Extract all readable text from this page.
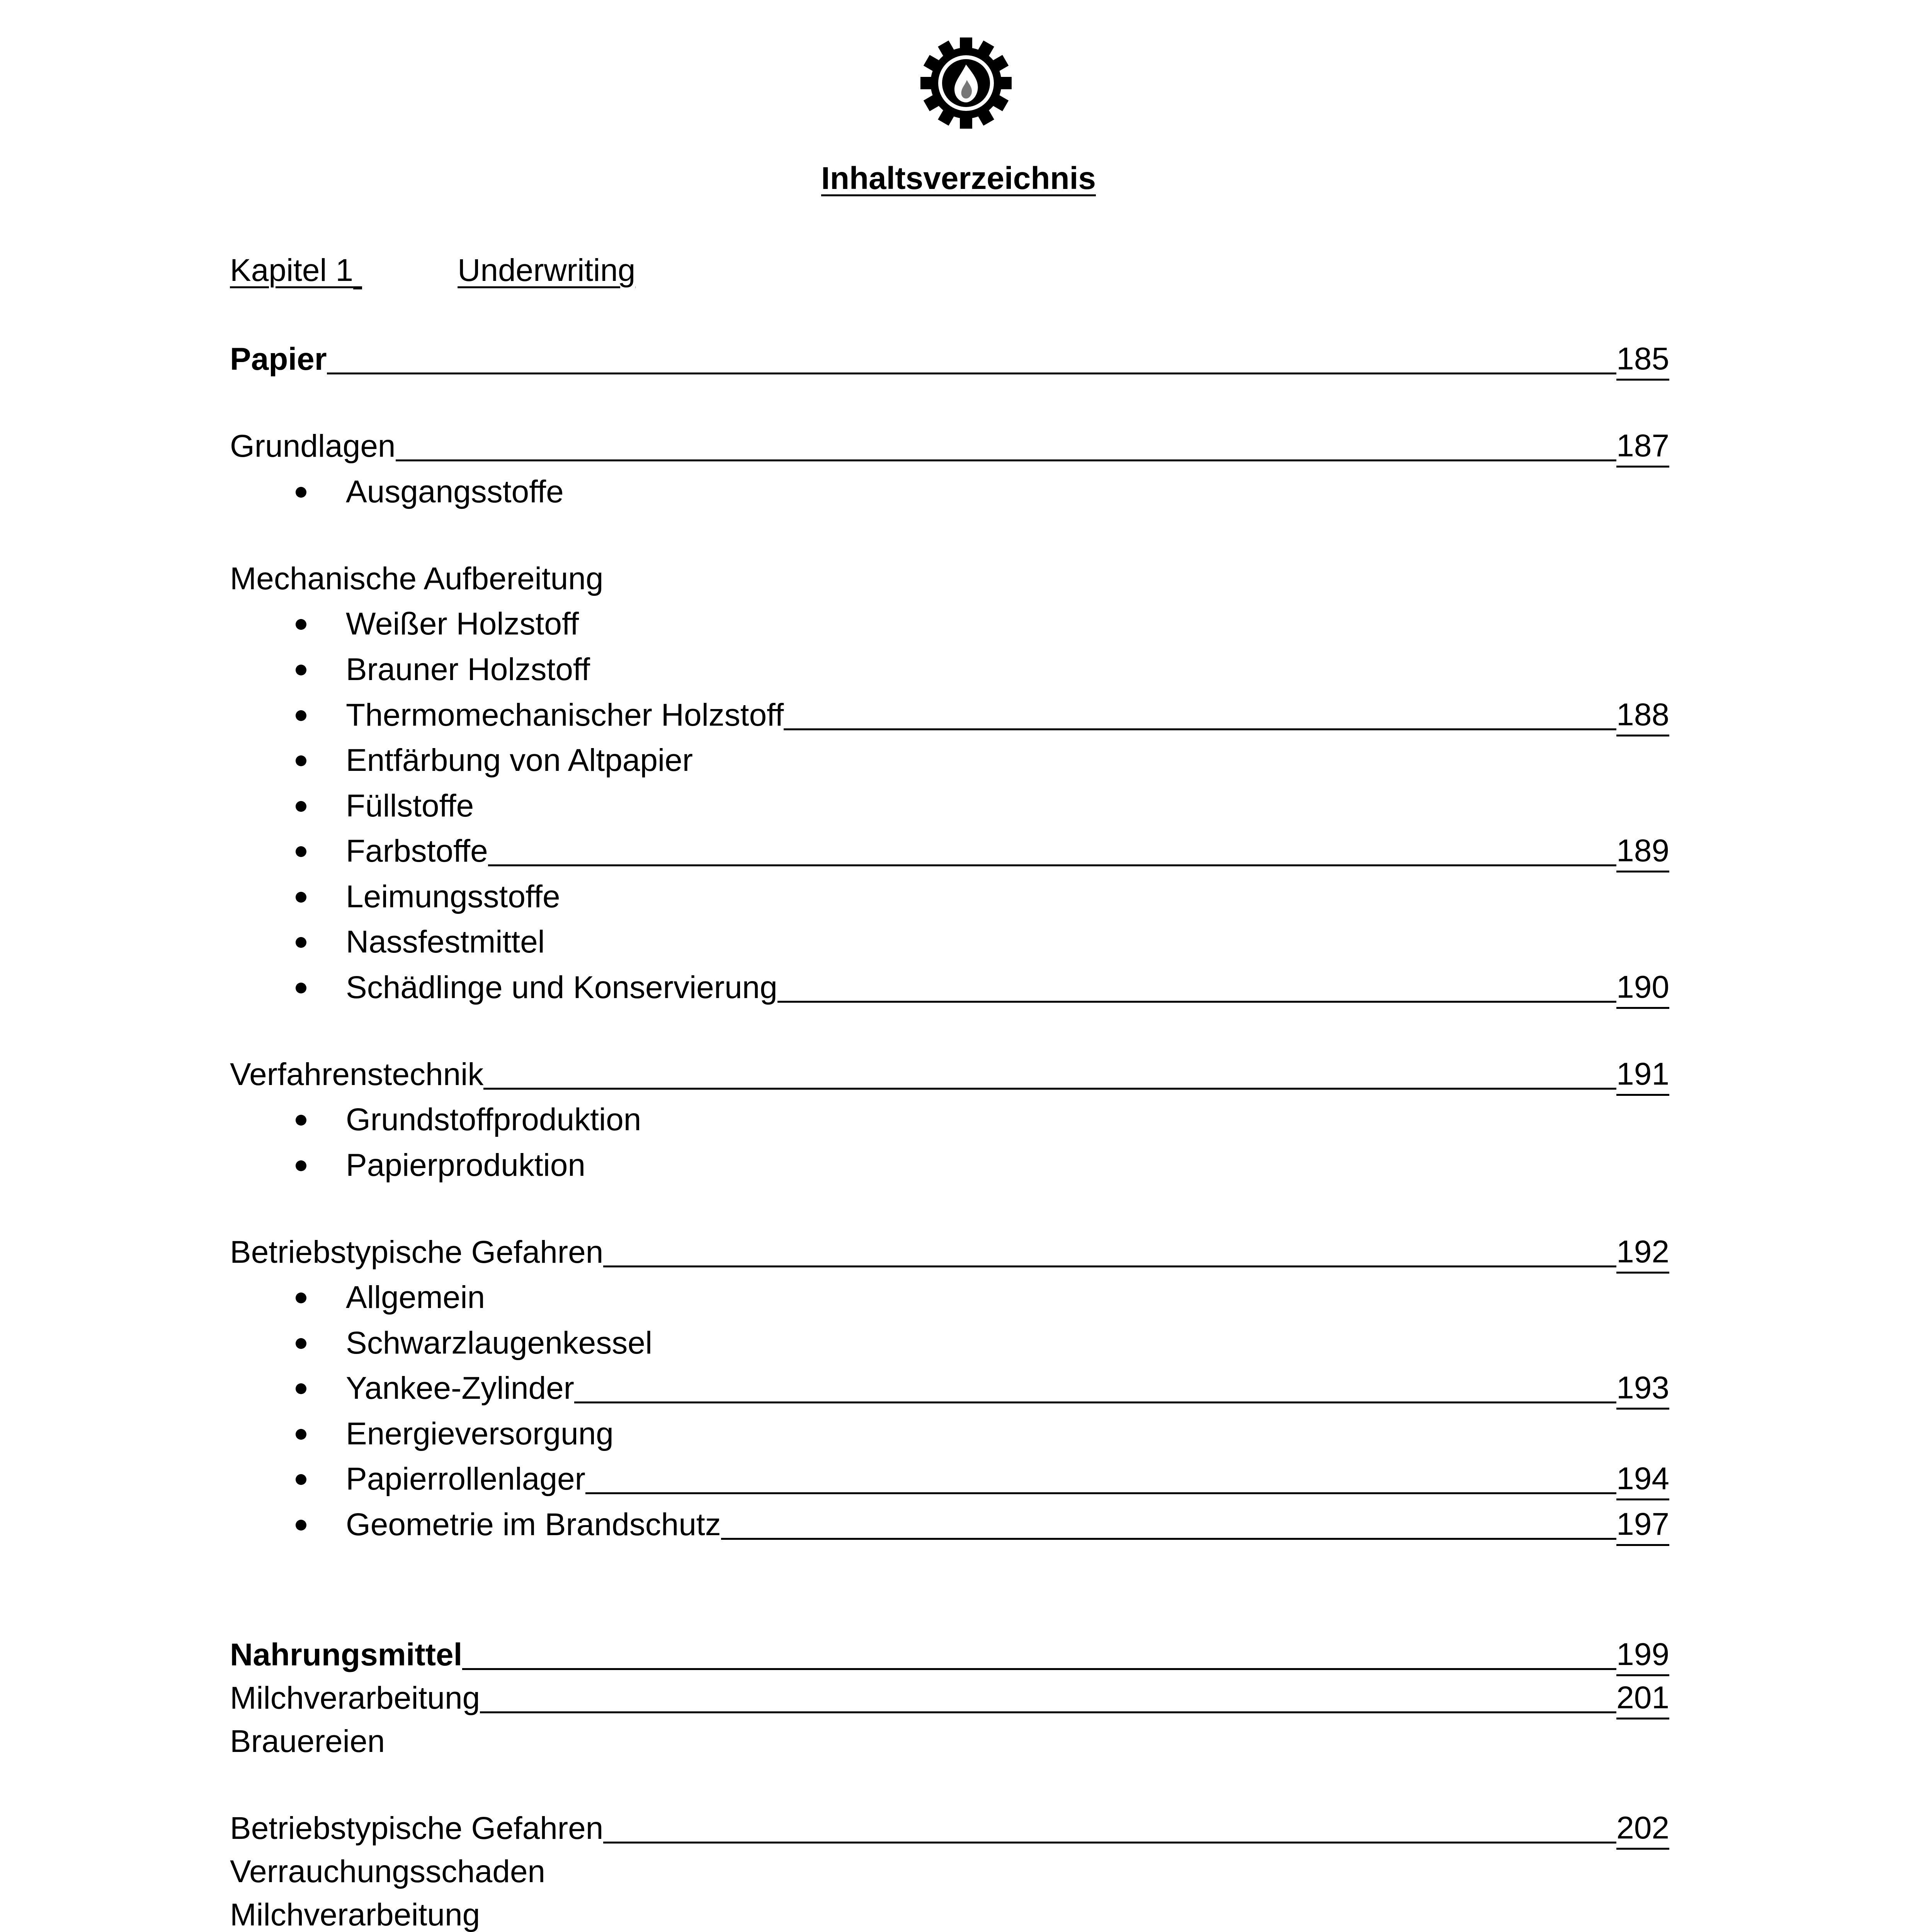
Inhaltsverzeichnis
Kapitel 1	Underwriting
Papier	185
Grundlagen	187
Ausgangsstoffe
Mechanische Aufbereitung
Weißer Holzstoff
Brauner Holzstoff
Thermomechanischer Holzstoff	188
Entfärbung von Altpapier
Füllstoffe
Farbstoffe	189
Leimungsstoffe
Nassfestmittel
Schädlinge und Konservierung	190
Verfahrenstechnik	191
Grundstoffproduktion
Papierproduktion
Betriebstypische Gefahren	192
Allgemein
Schwarzlaugenkessel
Yankee-Zylinder	193
Energieversorgung
Papierrollenlager	194
Geometrie im Brandschutz	197
Nahrungsmittel	199
Milchverarbeitung	201
Brauereien
Betriebstypische Gefahren	202
Verrauchungsschaden
Milchverarbeitung
